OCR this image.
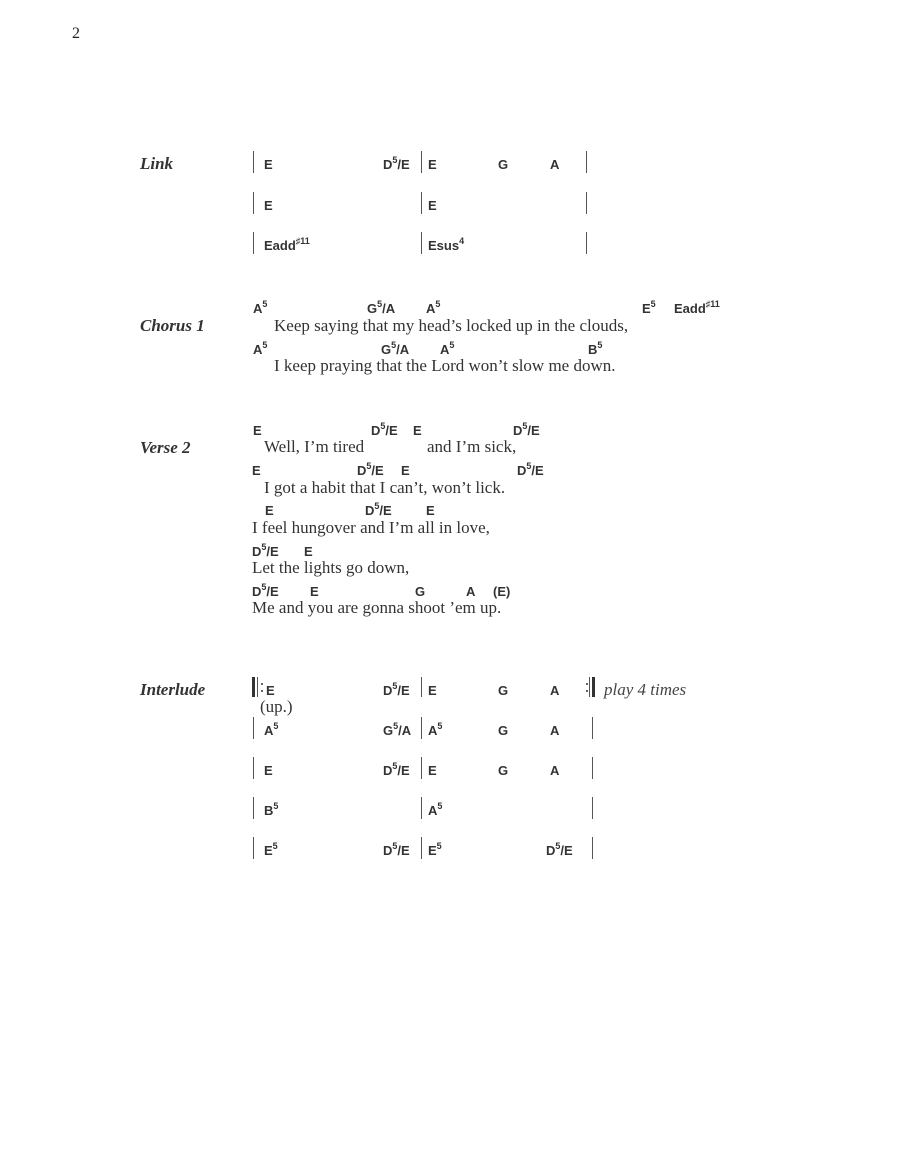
2
Link	E	$D^5/E$ E	G	A
E	E
Eadd$^{♯11}$	Esus$^4$
Chorus 1
$A^5$	$G^5/A$ $A^5$	$E^5$ Eadd$^{♯11}$
Keep saying that my head’s locked up in the clouds,
$A^5$	$G^5/A$ $A^5$	$B^5$
I keep praying that the Lord won’t slow me down.
Verse 2
E	$D^5/E$ E	$D^5/E$
Well, I’m tired	and I’m sick,
E	$D^5/E$ E	$D^5/E$
I got a habit that I can’t, won’t lick.
E	$D^5/E$	E
I feel hungover and I’m all in love,
$D^5/E$ E
Let the lights go down,
$D^5/E$ E	G	A (E)
Me and you are gonna shoot ’em up.
Interlude	E	$D^5/E$ E	G	A	play 4 times
(up.)
$A^5$	$G^5/A$ $A^5$	G	A
E	$D^5/E$ E	G	A
$B^5$	$A^5$
$E^5$	$D^5/E$ $E^5$	$D^5/E$
